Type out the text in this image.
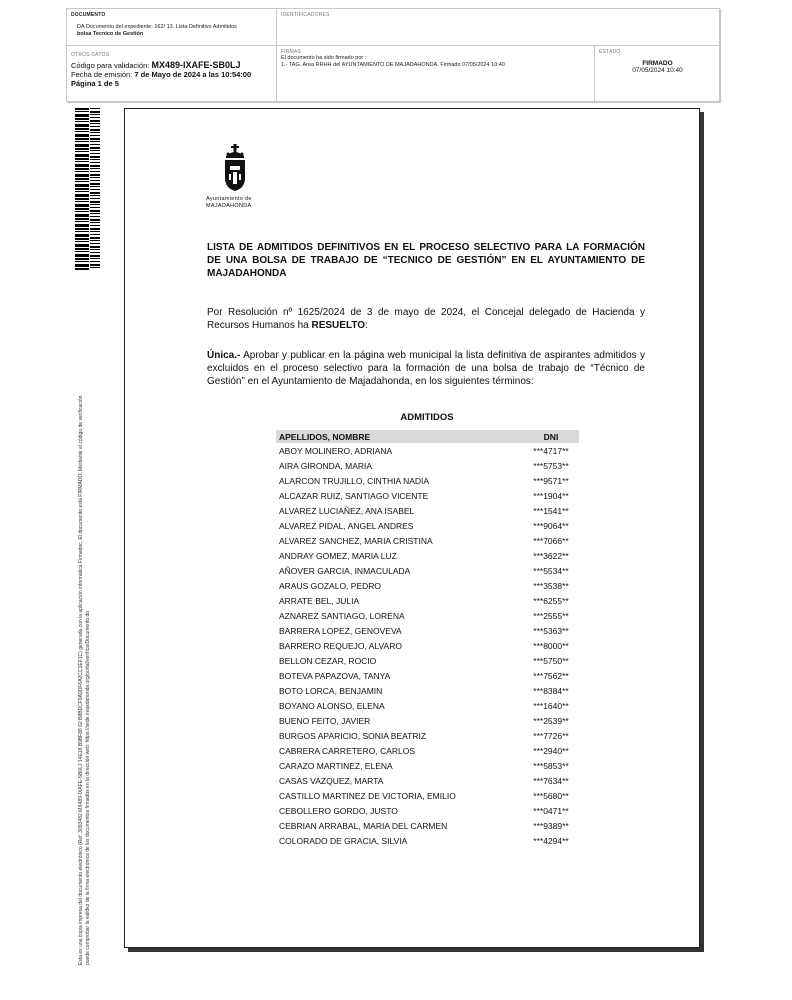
DOCUMENTO
DA Documento del expediente: 162/ 13. Lista Definitivo Admitidos
bolsa Tecnico de Gestión
IDENTIFICADORES
OTROS DATOS
Código para validación: MX489-IXAFE-SB0LJ
Fecha de emisión: 7 de Mayo de 2024 a las 10:54:00
Página 1 de 5
FIRMAS
El documento ha sido firmado por :
1.- TAG. Area RRHH del AYUNTAMIENTO DE MAJADAHONDA. Firmado 07/05/2024 10:40
ESTADO
FIRMADO
07/05/2024 10:40
Esta es una copia impresa del documento electrónico (Ref: 3093482 MX489-IXAFE-SB0LJ 14E18 B9BF88 62 B8BDCF9A9DF6A2CC1EF1C) generada con la aplicación informática Firmadoc. El documento está FIRMADO. Mediante el código de verificación puede comprobar la validez de la firma electrónica de los documentos firmados en la dirección web: https://sede.majadahonda.org/portal/verificarDocumento.do
Ayuntamiento de
MAJADAHONDA
LISTA DE ADMITIDOS DEFINITIVOS EN EL PROCESO SELECTIVO PARA LA FORMACIÓN DE UNA BOLSA DE TRABAJO DE “TECNICO DE GESTIÓN” EN EL AYUNTAMIENTO DE MAJADAHONDA
Por Resolución nº 1625/2024 de 3 de mayo de 2024, el Concejal delegado de Hacienda y Recursos Humanos ha RESUELTO:
Única.- Aprobar y publicar en la página web municipal la lista definitiva de aspirantes admitidos y excluidos en el proceso selectivo para la formación de una bolsa de trabajo de “Técnico de Gestión” en el Ayuntamiento de Majadahonda, en los siguientes términos:
ADMITIDOS
APELLIDOS, NOMBRE	DNI
ABOY MOLINERO, ADRIANA	***4717**
AIRA GIRONDA, MARIA	***5753**
ALARCON TRUJILLO, CINTHIA NADIA	***9571**
ALCAZAR RUIZ, SANTIAGO VICENTE	***1904**
ALVAREZ LUCIAÑEZ, ANA ISABEL	***1541**
ALVAREZ PIDAL, ANGEL ANDRES	***9064**
ALVAREZ SANCHEZ, MARIA CRISTINA	***7066**
ANDRAY GOMEZ, MARIA LUZ	***3622**
AÑOVER GARCIA, INMACULADA	***5534**
ARAUS GOZALO, PEDRO	***3538**
ARRATE BEL, JULIA	***6255**
AZNAREZ SANTIAGO, LORENA	***2555**
BARRERA LOPEZ, GENOVEVA	***5363**
BARRERO REQUEJO, ALVARO	***8000**
BELLON CEZAR, ROCIO	***5750**
BOTEVA PAPAZOVA, TANYA	***7562**
BOTO LORCA, BENJAMIN	***8384**
BOYANO ALONSO, ELENA	***1640**
BUENO FEITO, JAVIER	***2539**
BURGOS APARICIO, SONIA BEATRIZ	***7726**
CABRERA CARRETERO, CARLOS	***2940**
CARAZO MARTINEZ, ELENA	***5853**
CASAS VAZQUEZ, MARTA	***7634**
CASTILLO MARTINEZ DE VICTORIA, EMILIO	***5680**
CEBOLLERO GORDO, JUSTO	***0471**
CEBRIAN ARRABAL, MARIA DEL CARMEN	***9389**
COLORADO DE GRACIA, SILVIA	***4294**
